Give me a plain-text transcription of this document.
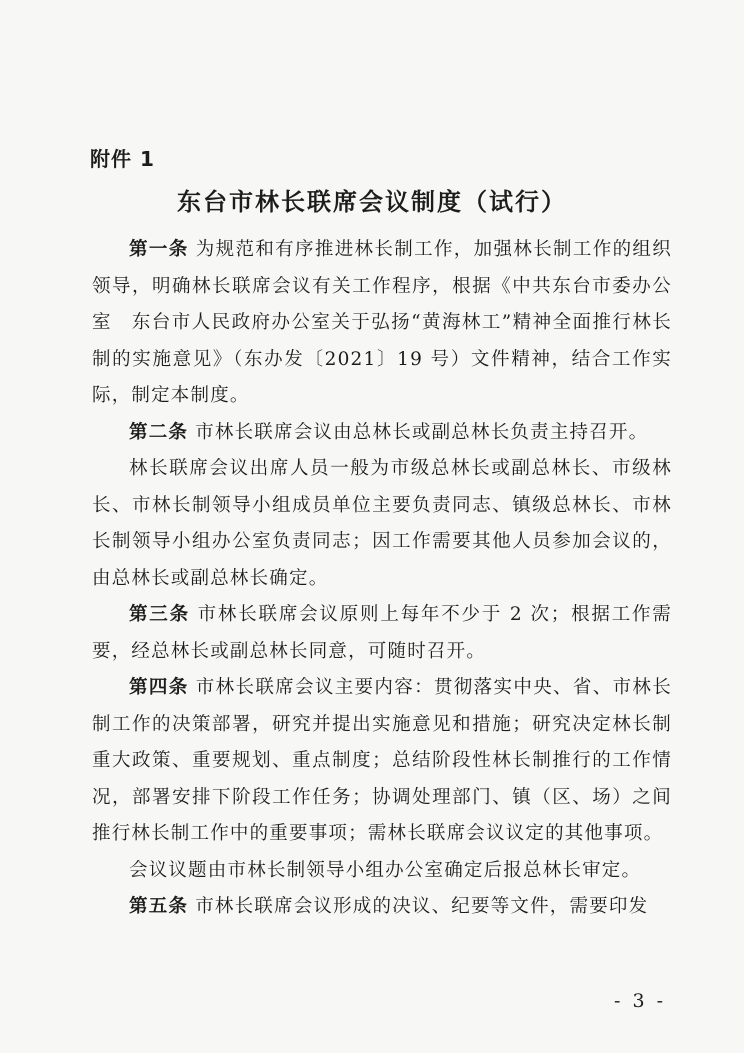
附件 1
东台市林长联席会议制度（试行）

第一条 为规范和有序推进林长制工作，加强林长制工作的组织领导，明确林长联席会议有关工作程序，根据《中共东台市委办公室　东台市人民政府办公室关于弘扬“黄海林工”精神全面推行林长制的实施意见》（东办发〔2021〕19 号）文件精神，结合工作实际，制定本制度。

第二条 市林长联席会议由总林长或副总林长负责主持召开。

林长联席会议出席人员一般为市级总林长或副总林长、市级林长、市林长制领导小组成员单位主要负责同志、镇级总林长、市林长制领导小组办公室负责同志；因工作需要其他人员参加会议的，由总林长或副总林长确定。

第三条 市林长联席会议原则上每年不少于 2 次；根据工作需要，经总林长或副总林长同意，可随时召开。

第四条 市林长联席会议主要内容：贯彻落实中央、省、市林长制工作的决策部署，研究并提出实施意见和措施；研究决定林长制重大政策、重要规划、重点制度；总结阶段性林长制推行的工作情况，部署安排下阶段工作任务；协调处理部门、镇（区、场）之间推行林长制工作中的重要事项；需林长联席会议议定的其他事项。

会议议题由市林长制领导小组办公室确定后报总林长审定。

第五条 市林长联席会议形成的决议、纪要等文件，需要印发

- 3 -
